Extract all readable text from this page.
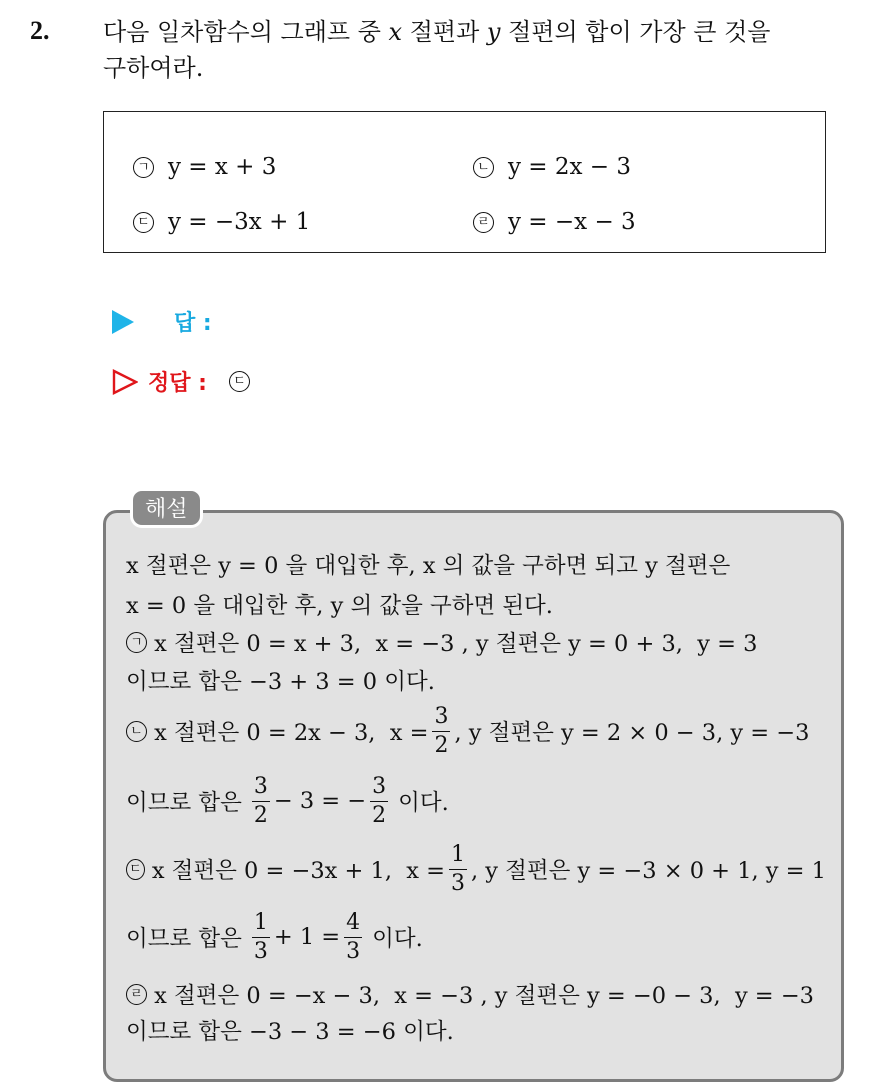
2. 다음 일차함수의 그래프 중 x 절편과 y 절편의 합이 가장 큰 것을
구하여라.
ㄱ y = x + 3	ㄴ y = 2x − 3
ㄷ y = −3x + 1	ㄹ y = −x − 3
답 :
정답 :	ㄷ
해설
x 절편은 y = 0 을 대입한 후, x 의 값을 구하면 되고 y 절편은
x = 0 을 대입한 후, y 의 값을 구하면 된다.
ㄱ x 절편은 0 = x + 3,  x = −3 , y 절편은 y = 0 + 3,  y = 3
이므로 합은 −3 + 3 = 0 이다.
ㄴ x 절편은 0 = 2x − 3,  $x = \frac{3}{2}$ , y 절편은 y = 2 × 0 − 3, y = −3
이므로 합은 $\frac{3}{2} - 3$ = − $\frac{3}{2}$ 이다.
ㄷ x 절편은 0 = −3x + 1,  $x = \frac{1}{3}$ , y 절편은 y = −3 × 0 + 1, y = 1
이므로 합은 $\frac{1}{3} + 1 = \frac{4}{3}$ 이다.
ㄹ x 절편은 0 = −x − 3,  x = −3 , y 절편은 y = −0 − 3,  y = −3
이므로 합은 −3 − 3 = −6 이다.
